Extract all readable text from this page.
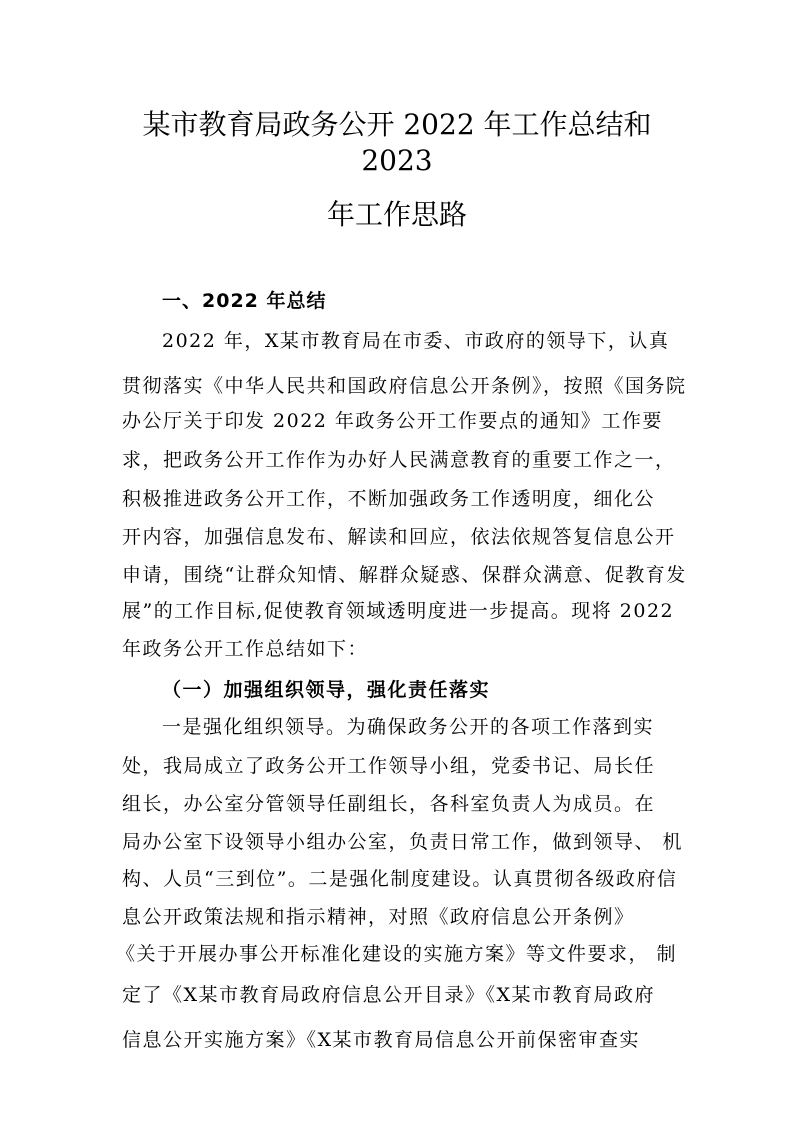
某市教育局政务公开 2022 年工作总结和
2023
年工作思路
一、2022 年总结
2022 年，X某市教育局在市委、市政府的领导下，认真
贯彻落实《中华人民共和国政府信息公开条例》，按照《国务院
办公厅关于印发 2022 年政务公开工作要点的通知》工作要
求，把政务公开工作作为办好人民满意教育的重要工作之一，
积极推进政务公开工作，不断加强政务工作透明度，细化公
开内容，加强信息发布、解读和回应，依法依规答复信息公开
申请，围绕“让群众知情、解群众疑惑、保群众满意、促教育发
展”的工作目标,促使教育领域透明度进一步提高。现将 2022
年政务公开工作总结如下：
（一）加强组织领导，强化责任落实
一是强化组织领导。为确保政务公开的各项工作落到实
处，我局成立了政务公开工作领导小组，党委书记、局长任
组长，办公室分管领导任副组长，各科室负责人为成员。在
局办公室下设领导小组办公室，负责日常工作，做到领导、 机
构、人员“三到位”。二是强化制度建设。认真贯彻各级政府信
息公开政策法规和指示精神，对照《政府信息公开条例》
《关于开展办事公开标准化建设的实施方案》等文件要求， 制
定了《X某市教育局政府信息公开目录》《X某市教育局政府
信息公开实施方案》《X某市教育局信息公开前保密审查实
